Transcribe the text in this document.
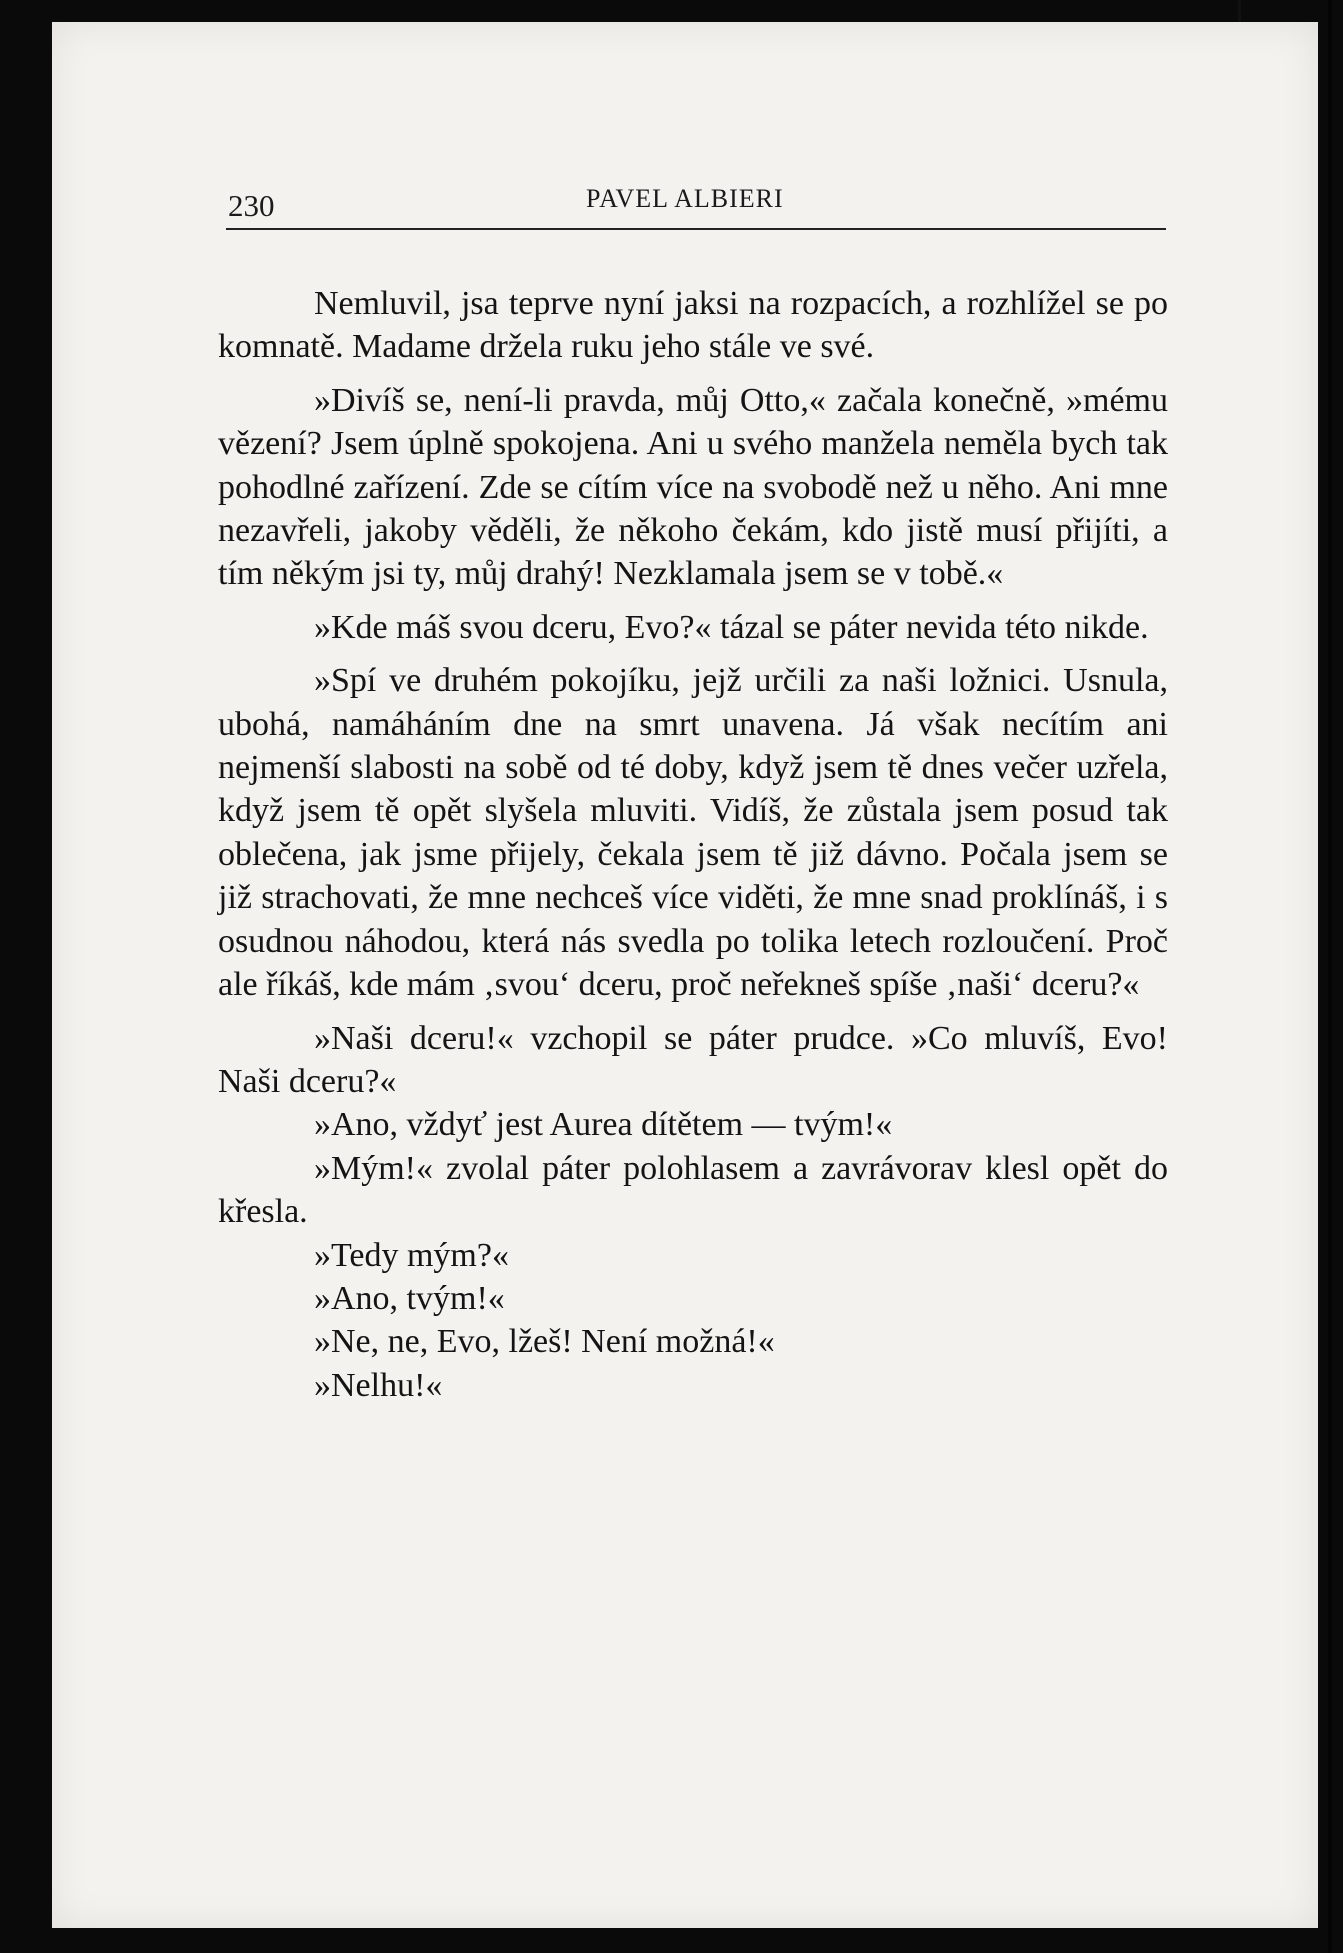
230	PAVEL ALBIERI

Nemluvil, jsa teprve nyní jaksi na rozpacích, a rozhlížel se po komnatě. Madame držela ruku jeho stále ve své.

»Divíš se, není-li pravda, můj Otto,« začala konečně, »mému vězení? Jsem úplně spokojena. Ani u svého manžela neměla bych tak pohodlné zařízení. Zde se cítím více na svobodě než u něho. Ani mne nezavřeli, jakoby věděli, že někoho čekám, kdo jistě musí přijíti, a tím někým jsi ty, můj drahý! Nezklamala jsem se v tobě.«

»Kde máš svou dceru, Evo?« tázal se páter nevida této nikde.

»Spí ve druhém pokojíku, jejž určili za naši ložnici. Usnula, ubohá, namáháním dne na smrt unavena. Já však necítím ani nejmenší slabosti na sobě od té doby, když jsem tě dnes večer uzřela, když jsem tě opět slyšela mluviti. Vidíš, že zůstala jsem posud tak oblečena, jak jsme přijely, čekala jsem tě již dávno. Počala jsem se již strachovati, že mne nechceš více viděti, že mne snad proklínáš, i s osudnou náhodou, která nás svedla po tolika letech rozloučení. Proč ale říkáš, kde mám ‚svou‘ dceru, proč neřekneš spíše ‚naši‘ dceru?«

»Naši dceru!« vzchopil se páter prudce. »Co mluvíš, Evo! Naši dceru?«

»Ano, vždyť jest Aurea dítětem — tvým!«

»Mým!« zvolal páter polohlasem a zavrávorav klesl opět do křesla.

»Tedy mým?«

»Ano, tvým!«

»Ne, ne, Evo, lžeš! Není možná!«

»Nelhu!«
